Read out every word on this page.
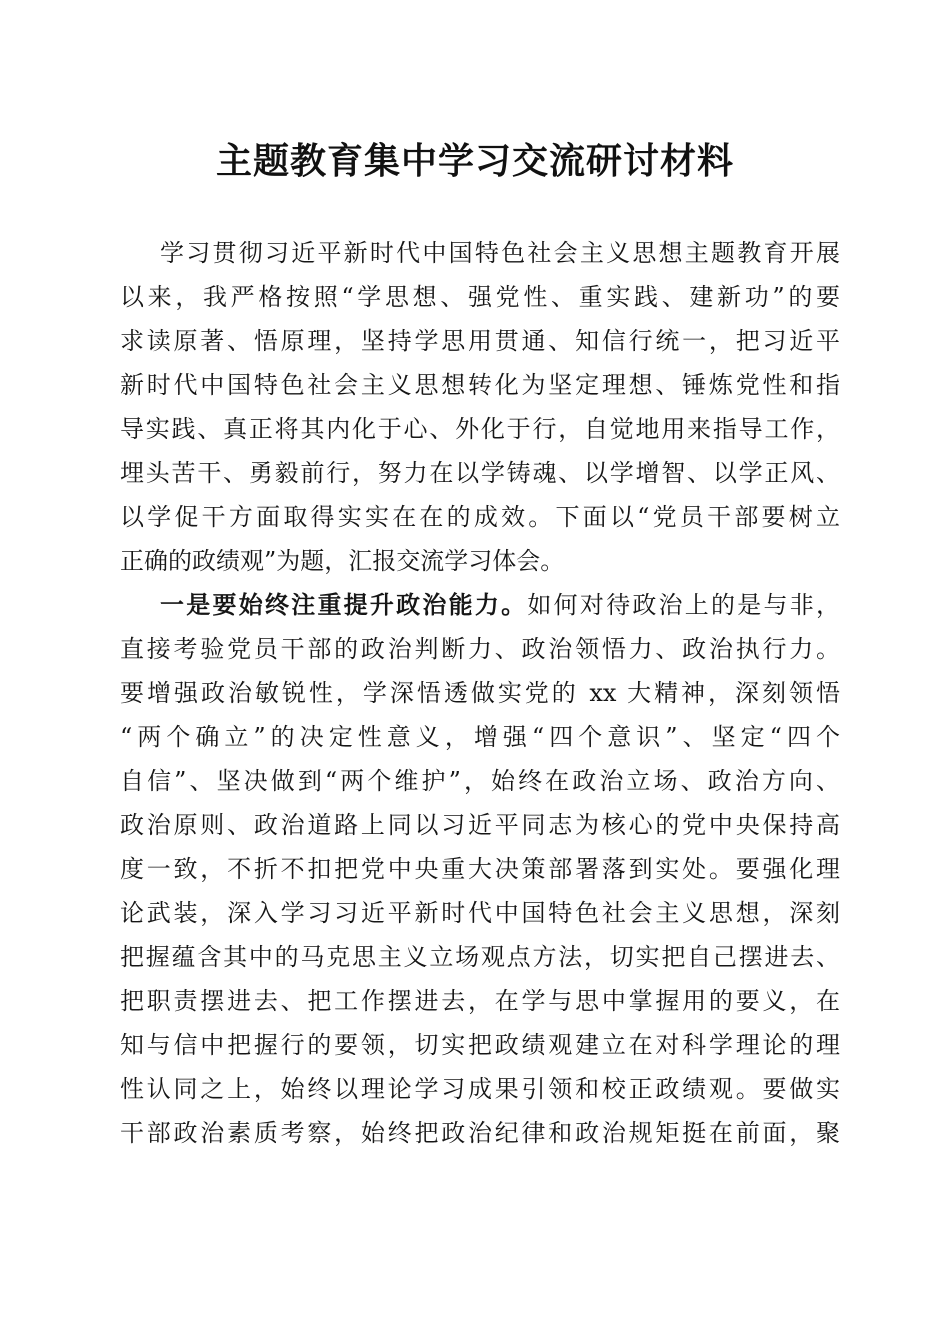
主题教育集中学习交流研讨材料
学习贯彻习近平新时代中国特色社会主义思想主题教育开展
以来，我严格按照“学思想、强党性、重实践、建新功”的要
求读原著、悟原理，坚持学思用贯通、知信行统一，把习近平
新时代中国特色社会主义思想转化为坚定理想、锤炼党性和指
导实践、真正将其内化于心、外化于行，自觉地用来指导工作，
埋头苦干、勇毅前行，努力在以学铸魂、以学增智、以学正风、
以学促干方面取得实实在在的成效。下面以“党员干部要树立
正确的政绩观”为题，汇报交流学习体会。
一是要始终注重提升政治能力。如何对待政治上的是与非，
直接考验党员干部的政治判断力、政治领悟力、政治执行力。
要增强政治敏锐性，学深悟透做实党的 xx 大精神，深刻领悟
“两个确立”的决定性意义，增强“四个意识”、坚定“四个
自信”、坚决做到“两个维护”，始终在政治立场、政治方向、
政治原则、政治道路上同以习近平同志为核心的党中央保持高
度一致，不折不扣把党中央重大决策部署落到实处。要强化理
论武装，深入学习习近平新时代中国特色社会主义思想，深刻
把握蕴含其中的马克思主义立场观点方法，切实把自己摆进去、
把职责摆进去、把工作摆进去，在学与思中掌握用的要义，在
知与信中把握行的要领，切实把政绩观建立在对科学理论的理
性认同之上，始终以理论学习成果引领和校正政绩观。要做实
干部政治素质考察，始终把政治纪律和政治规矩挺在前面，聚
